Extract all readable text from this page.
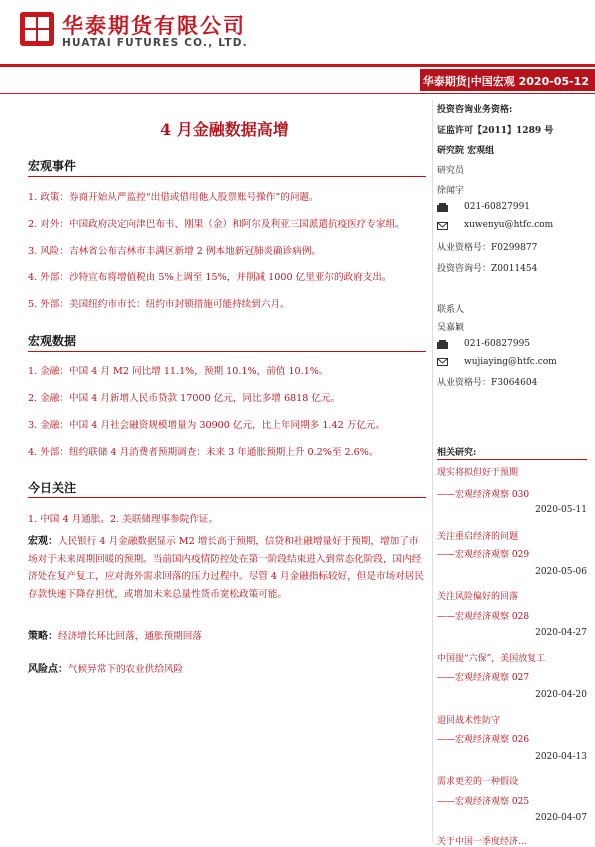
华泰期货有限公司
HUATAI FUTURES CO., LTD.
华泰期货|中国宏观 2020-05-12
4 月金融数据高增
宏观事件
1. 政策：券商开始从严监控“出借或借用他人股票账号操作”的问题。
2. 对外：中国政府决定向津巴布韦、刚果（金）和阿尔及利亚三国派遣抗疫医疗专家组。
3. 风险：吉林省公布吉林市丰满区新增 2 例本地新冠肺炎确诊病例。
4. 外部：沙特宣布将增值税由 5%上调至 15%，并削减 1000 亿里亚尔的政府支出。
5. 外部：美国纽约市市长：纽约市封锁措施可能持续到六月。
宏观数据
1. 金融：中国 4 月 M2 同比增 11.1%，预期 10.1%，前值 10.1%。
2. 金融：中国 4 月新增人民币贷款 17000 亿元，同比多增 6818 亿元。
3. 金融：中国 4 月社会融资规模增量为 30900 亿元，比上年同期多 1.42 万亿元。
4. 外部：纽约联储 4 月消费者预期调查：未来 3 年通胀预期上升 0.2%至 2.6%。
今日关注
1. 中国 4 月通胀。2. 美联储理事参院作证。
宏观：人民银行 4 月金融数据显示 M2 增长高于预期，信贷和社融增量好于预期，增加了市场对于未来周期回暖的预期。当前国内疫情防控处在第一阶段结束进入到常态化阶段，国内经济处在复产复工，应对海外需求回落的压力过程中。尽管 4 月金融指标较好，但是市场对居民存款快速下降存担忧，或增加未来总量性货币宽松政策可能。
策略：经济增长环比回落，通胀预期回落
风险点：气候异常下的农业供给风险
投资咨询业务资格:
证监许可【2011】1289 号
研究院 宏观组
研究员
徐闻宇
021-60827991
xuwenyu@htfc.com
从业资格号：F0299877
投资咨询号：Z0011454
联系人
吴嘉颖
021-60827995
wujiaying@htfc.com
从业资格号：F3064604
相关研究:
现实将拟但好于预期
——宏观经济观察 030
2020-05-11
关注重启经济的问题
——宏观经济观察 029
2020-05-06
关注风险偏好的回落
——宏观经济观察 028
2020-04-27
中国提“六保”，美国放复工
——宏观经济观察 027
2020-04-20
退回战术性防守
——宏观经济观察 026
2020-04-13
需求更差的一种假设
——宏观经济观察 025
2020-04-07
关于中国一季度经济...
